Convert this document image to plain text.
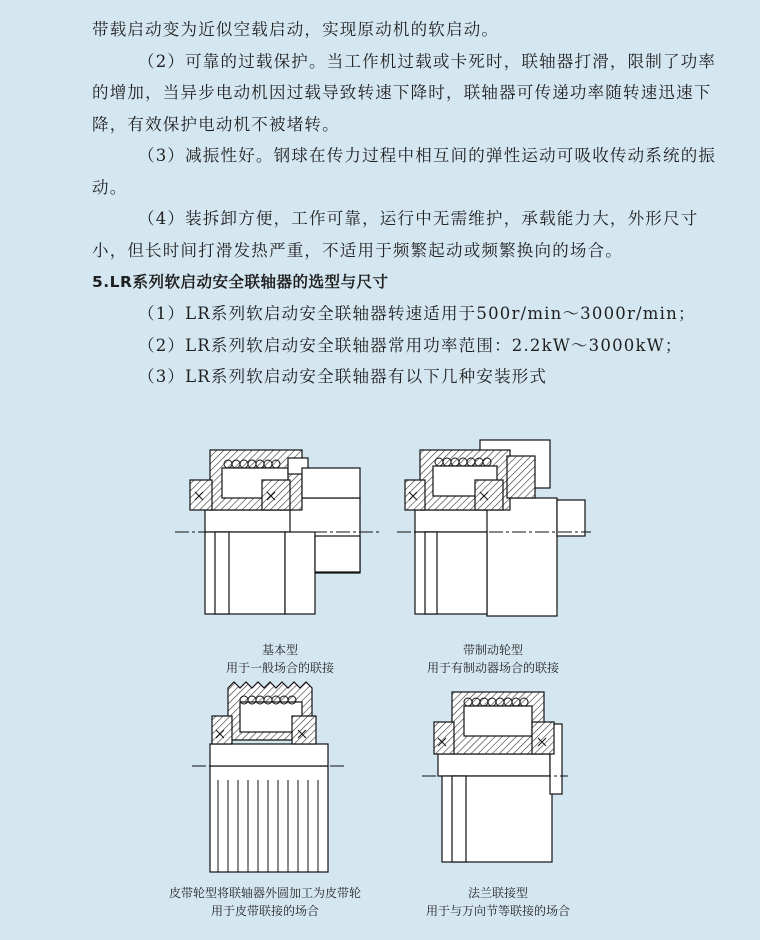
带载启动变为近似空载启动，实现原动机的软启动。

（2）可靠的过载保护。当工作机过载或卡死时，联轴器打滑，限制了功率的增加，当异步电动机因过载导致转速下降时，联轴器可传递功率随转速迅速下降，有效保护电动机不被堵转。

（3）减振性好。钢球在传力过程中相互间的弹性运动可吸收传动系统的振动。

（4）装拆卸方便，工作可靠，运行中无需维护，承载能力大，外形尺寸小，但长时间打滑发热严重，不适用于频繁起动或频繁换向的场合。

5.LR系列软启动安全联轴器的选型与尺寸

（1）LR系列软启动安全联轴器转速适用于500r/min～3000r/min；

（2）LR系列软启动安全联轴器常用功率范围：2.2kW～3000kW；

（3）LR系列软启动安全联轴器有以下几种安装形式

基本型
用于一般场合的联接
带制动轮型
用于有制动器场合的联接
皮带轮型将联轴器外圆加工为皮带轮
用于皮带联接的场合
法兰联接型
用于与万向节等联接的场合
